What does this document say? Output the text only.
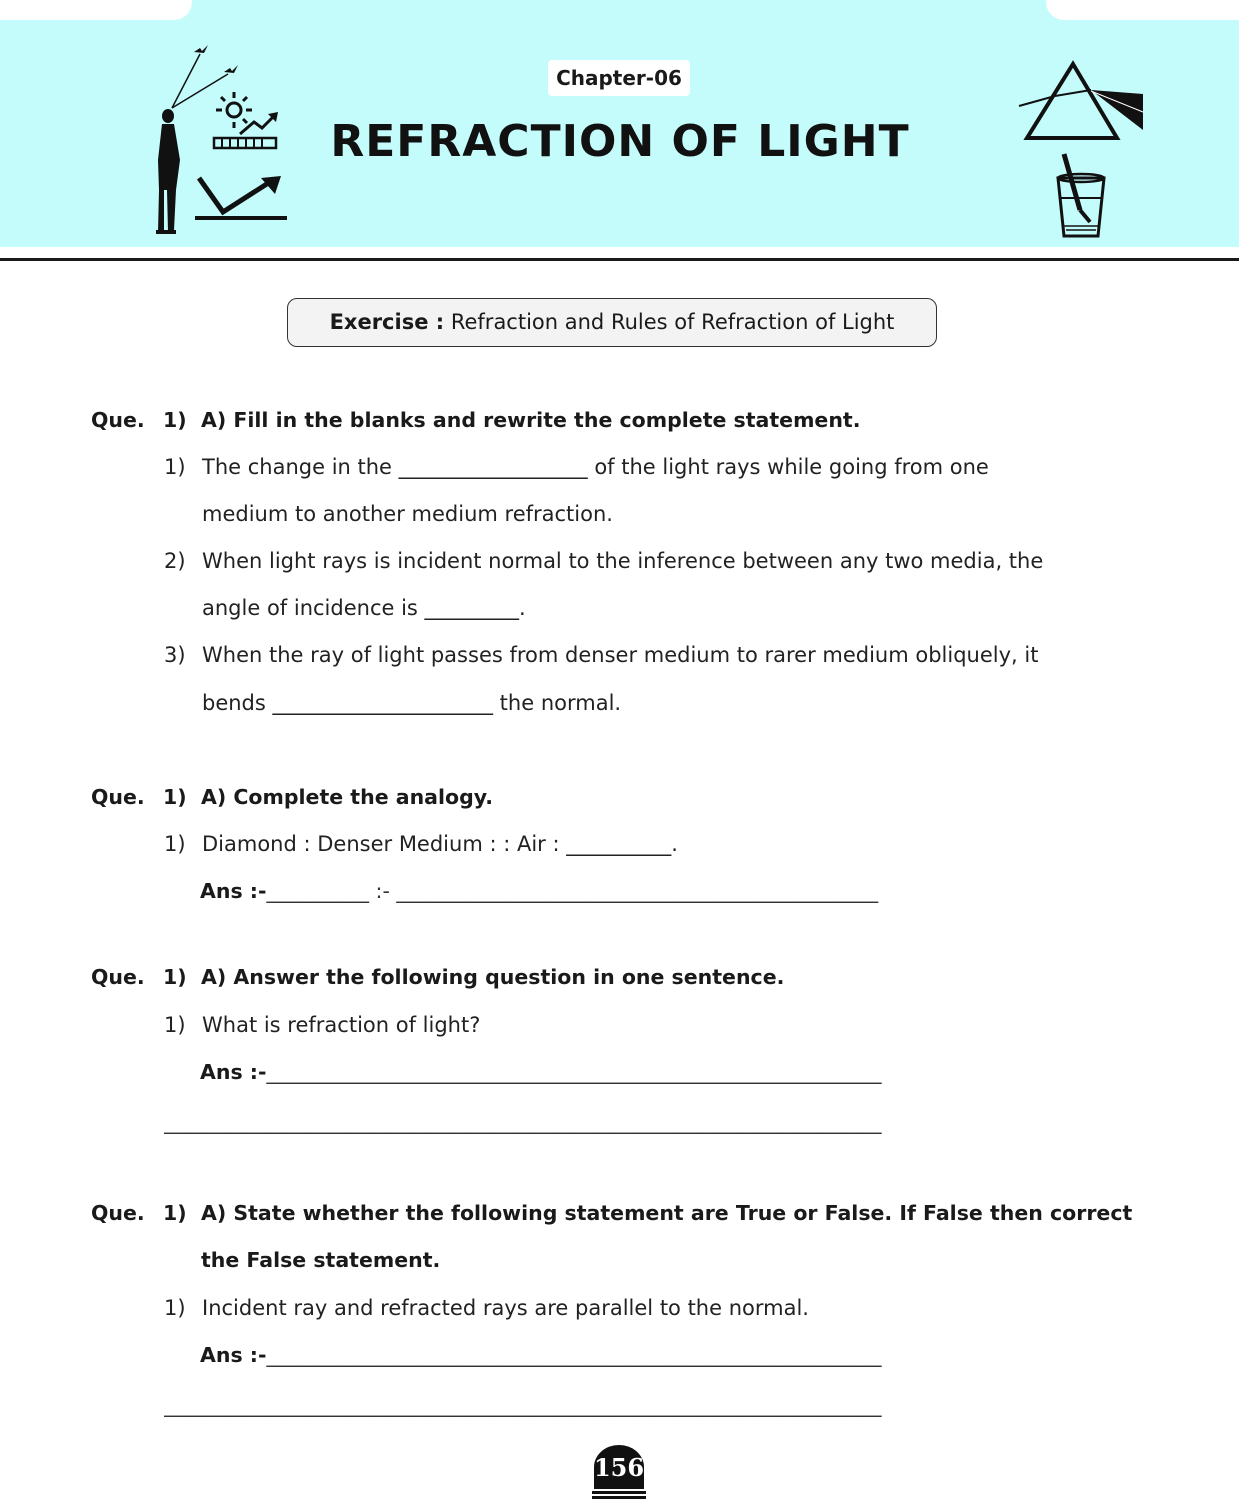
Chapter-06
REFRACTION OF LIGHT
Exercise : Refraction and Rules of Refraction of Light
Que. 1) A) Fill in the blanks and rewrite the complete statement.
1) The change in the __________________ of the light rays while going from one
medium to another medium refraction.
2) When light rays is incident normal to the inference between any two media, the
angle of incidence is _________.
3) When the ray of light passes from denser medium to rarer medium obliquely, it
bends _____________________ the normal.
Que. 1) A) Complete the analogy.
1) Diamond : Denser Medium : : Air : __________.
Ans :-__________ :- _______________________________________________
Que. 1) A) Answer the following question in one sentence.
1) What is refraction of light?
Ans :-____________________________________________________________
______________________________________________________________________
Que. 1) A) State whether the following statement are True or False. If False then correct
the False statement.
1) Incident ray and refracted rays are parallel to the normal.
Ans :-____________________________________________________________
______________________________________________________________________
156
